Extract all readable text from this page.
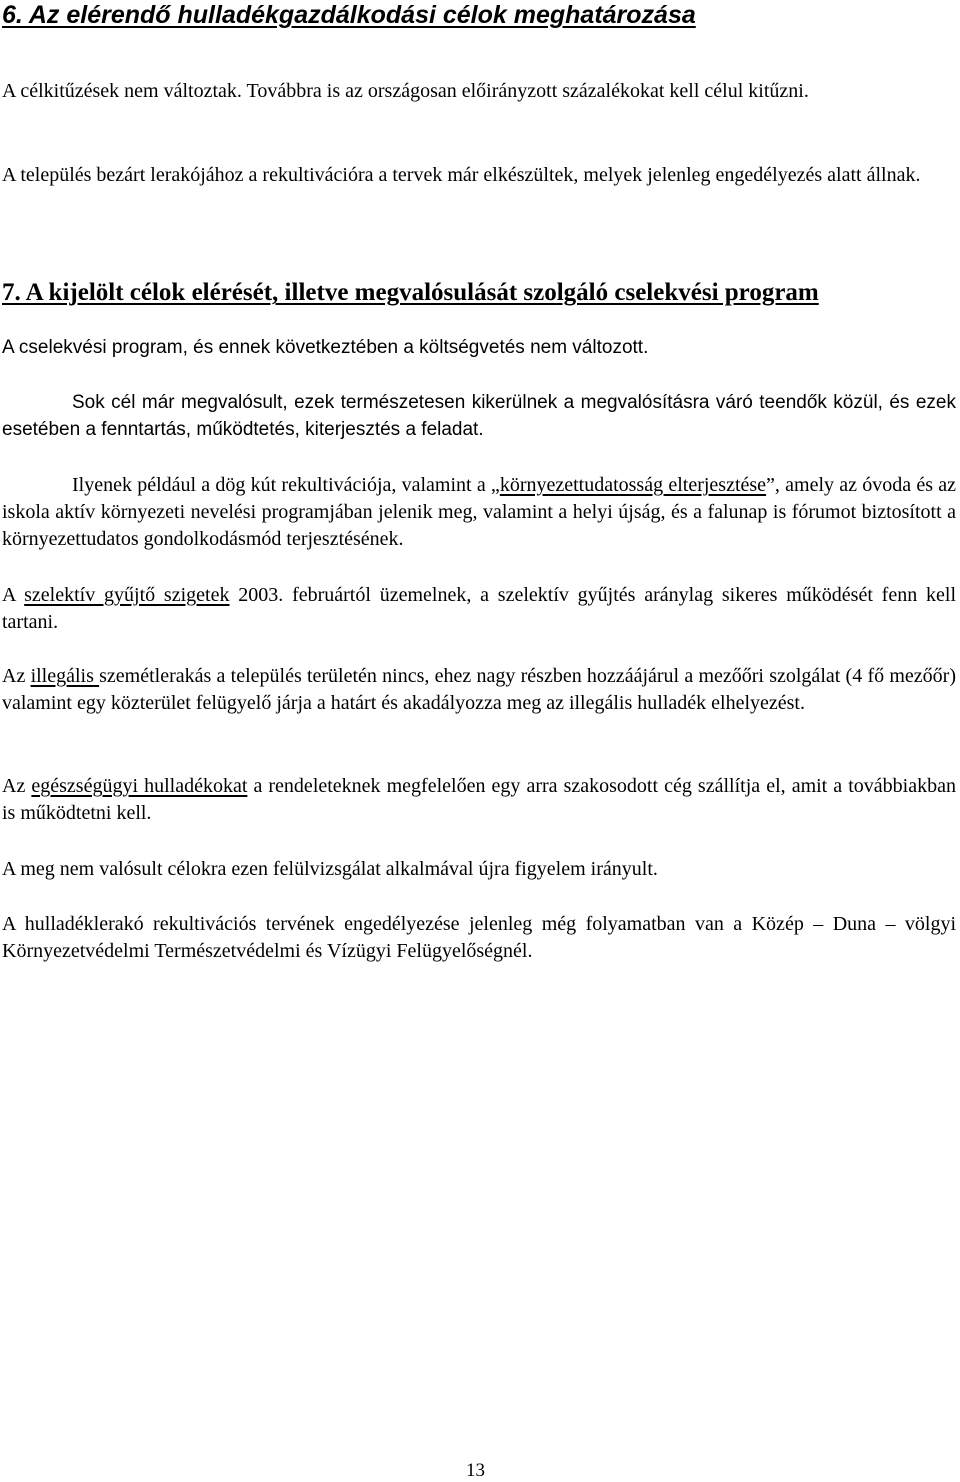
6. Az elérendő hulladékgazdálkodási célok meghatározása
A célkitűzések nem változtak. Továbbra is az országosan előirányzott százalékokat kell célul kitűzni.
A település bezárt lerakójához a rekultivációra a tervek már elkészültek, melyek jelenleg engedélyezés alatt állnak.
7. A kijelölt célok elérését, illetve megvalósulását szolgáló cselekvési program
A cselekvési program, és ennek következtében a költségvetés nem változott.
Sok cél már megvalósult, ezek természetesen kikerülnek a megvalósításra váró teendők közül, és ezek esetében a fenntartás, működtetés, kiterjesztés a feladat.
Ilyenek például a dög kút rekultivációja, valamint a „környezettudatosság elterjesztése”, amely az óvoda és az iskola aktív környezeti nevelési programjában jelenik meg, valamint a helyi újság, és a falunap is fórumot biztosított a környezettudatos gondolkodásmód terjesztésének.
A szelektív gyűjtő szigetek 2003. februártól üzemelnek, a szelektív gyűjtés aránylag sikeres működését fenn kell tartani.
Az illegális szemétlerakás a település területén nincs, ehez nagy részben hozzáájárul a mezőőri szolgálat (4 fő mezőőr) valamint egy közterület felügyelő járja a határt és akadályozza meg az illegális hulladék elhelyezést.
Az egészségügyi hulladékokat a rendeleteknek megfelelően egy arra szakosodott cég szállítja el, amit a továbbiakban is működtetni kell.
A meg nem valósult célokra ezen felülvizsgálat alkalmával újra figyelem irányult.
A hulladéklerakó rekultivációs tervének engedélyezése jelenleg még folyamatban van a Közép – Duna – völgyi Környezetvédelmi Természetvédelmi és Vízügyi Felügyelőségnél.
13
